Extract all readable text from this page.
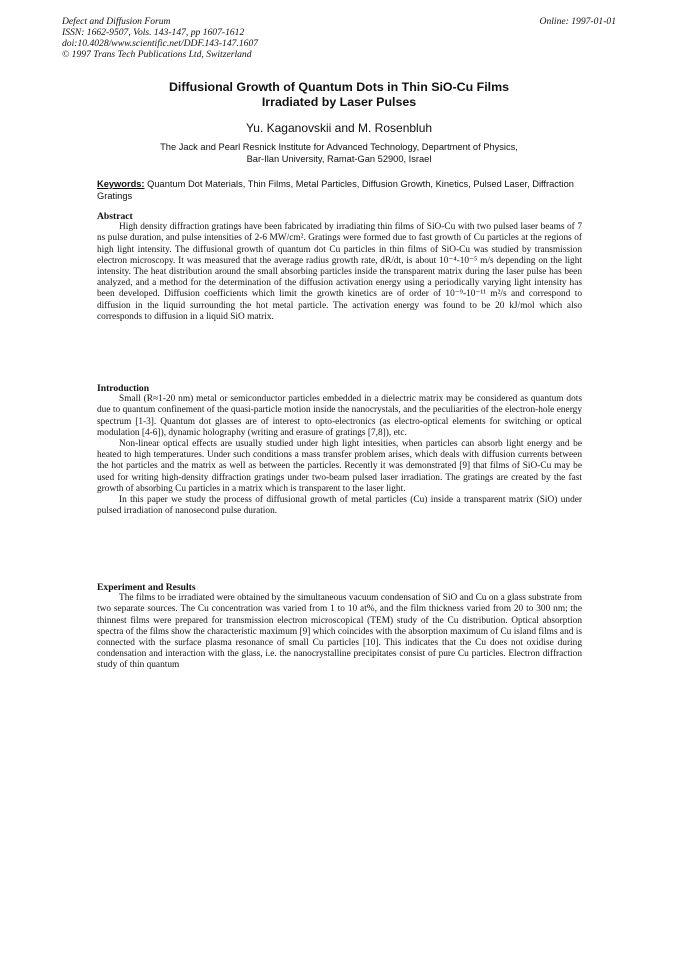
Defect and Diffusion Forum
ISSN: 1662-9507, Vols. 143-147, pp 1607-1612
doi:10.4028/www.scientific.net/DDF.143-147.1607
© 1997 Trans Tech Publications Ltd, Switzerland
Online: 1997-01-01
Diffusional Growth of Quantum Dots in Thin SiO-Cu Films
Irradiated by Laser Pulses
Yu. Kaganovskii and M. Rosenbluh
The Jack and Pearl Resnick Institute for Advanced Technology, Department of Physics,
Bar-Ilan University, Ramat-Gan 52900, Israel
Keywords: Quantum Dot Materials, Thin Films, Metal Particles, Diffusion Growth, Kinetics, Pulsed Laser, Diffraction Gratings
Abstract

High density diffraction gratings have been fabricated by irradiating thin films of SiO-Cu with two pulsed laser beams of 7 ns pulse duration, and pulse intensities of 2-6 MW/cm². Gratings were formed due to fast growth of Cu particles at the regions of high light intensity. The diffusional growth of quantum dot Cu particles in thin films of SiO-Cu was studied by transmission electron microscopy. It was measured that the average radius growth rate, dR/dt, is about 10⁻⁴-10⁻⁵ m/s depending on the light intensity. The heat distribution around the small absorbing particles inside the transparent matrix during the laser pulse has been analyzed, and a method for the determination of the diffusion activation energy using a periodically varying light intensity has been developed. Diffusion coefficients which limit the growth kinetics are of order of 10⁻⁹-10⁻¹¹ m²/s and correspond to diffusion in the liquid surrounding the hot metal particle. The activation energy was found to be 20 kJ/mol which also corresponds to diffusion in a liquid SiO matrix.

Introduction

Small (R≈1-20 nm) metal or semiconductor particles embedded in a dielectric matrix may be considered as quantum dots due to quantum confinement of the quasi-particle motion inside the nanocrystals, and the peculiarities of the electron-hole energy spectrum [1-3]. Quantum dot glasses are of interest to opto-electronics (as electro-optical elements for switching or optical modulation [4-6]), dynamic holography (writing and erasure of gratings [7,8]), etc.

Non-linear optical effects are usually studied under high light intesities, when particles can absorb light energy and be heated to high temperatures. Under such conditions a mass transfer problem arises, which deals with diffusion currents between the hot particles and the matrix as well as between the particles. Recently it was demonstrated [9] that films of SiO-Cu may be used for writing high-density diffraction gratings under two-beam pulsed laser irradiation. The gratings are created by the fast growth of absorbing Cu particles in a matrix which is transparent to the laser light.

In this paper we study the process of diffusional growth of metal particles (Cu) inside a transparent matrix (SiO) under pulsed irradiation of nanosecond pulse duration.

Experiment and Results

The films to be irradiated were obtained by the simultaneous vacuum condensation of SiO and Cu on a glass substrate from two separate sources. The Cu concentration was varied from 1 to 10 at%, and the film thickness varied from 20 to 300 nm; the thinnest films were prepared for transmission electron microscopical (TEM) study of the Cu distribution. Optical absorption spectra of the films show the characteristic maximum [9] which coincides with the absorption maximum of Cu island films and is connected with the surface plasma resonance of small Cu particles [10]. This indicates that the Cu does not oxidise during condensation and interaction with the glass, i.e. the nanocrystalline precipitates consist of pure Cu particles. Electron diffraction study of thin quantum
